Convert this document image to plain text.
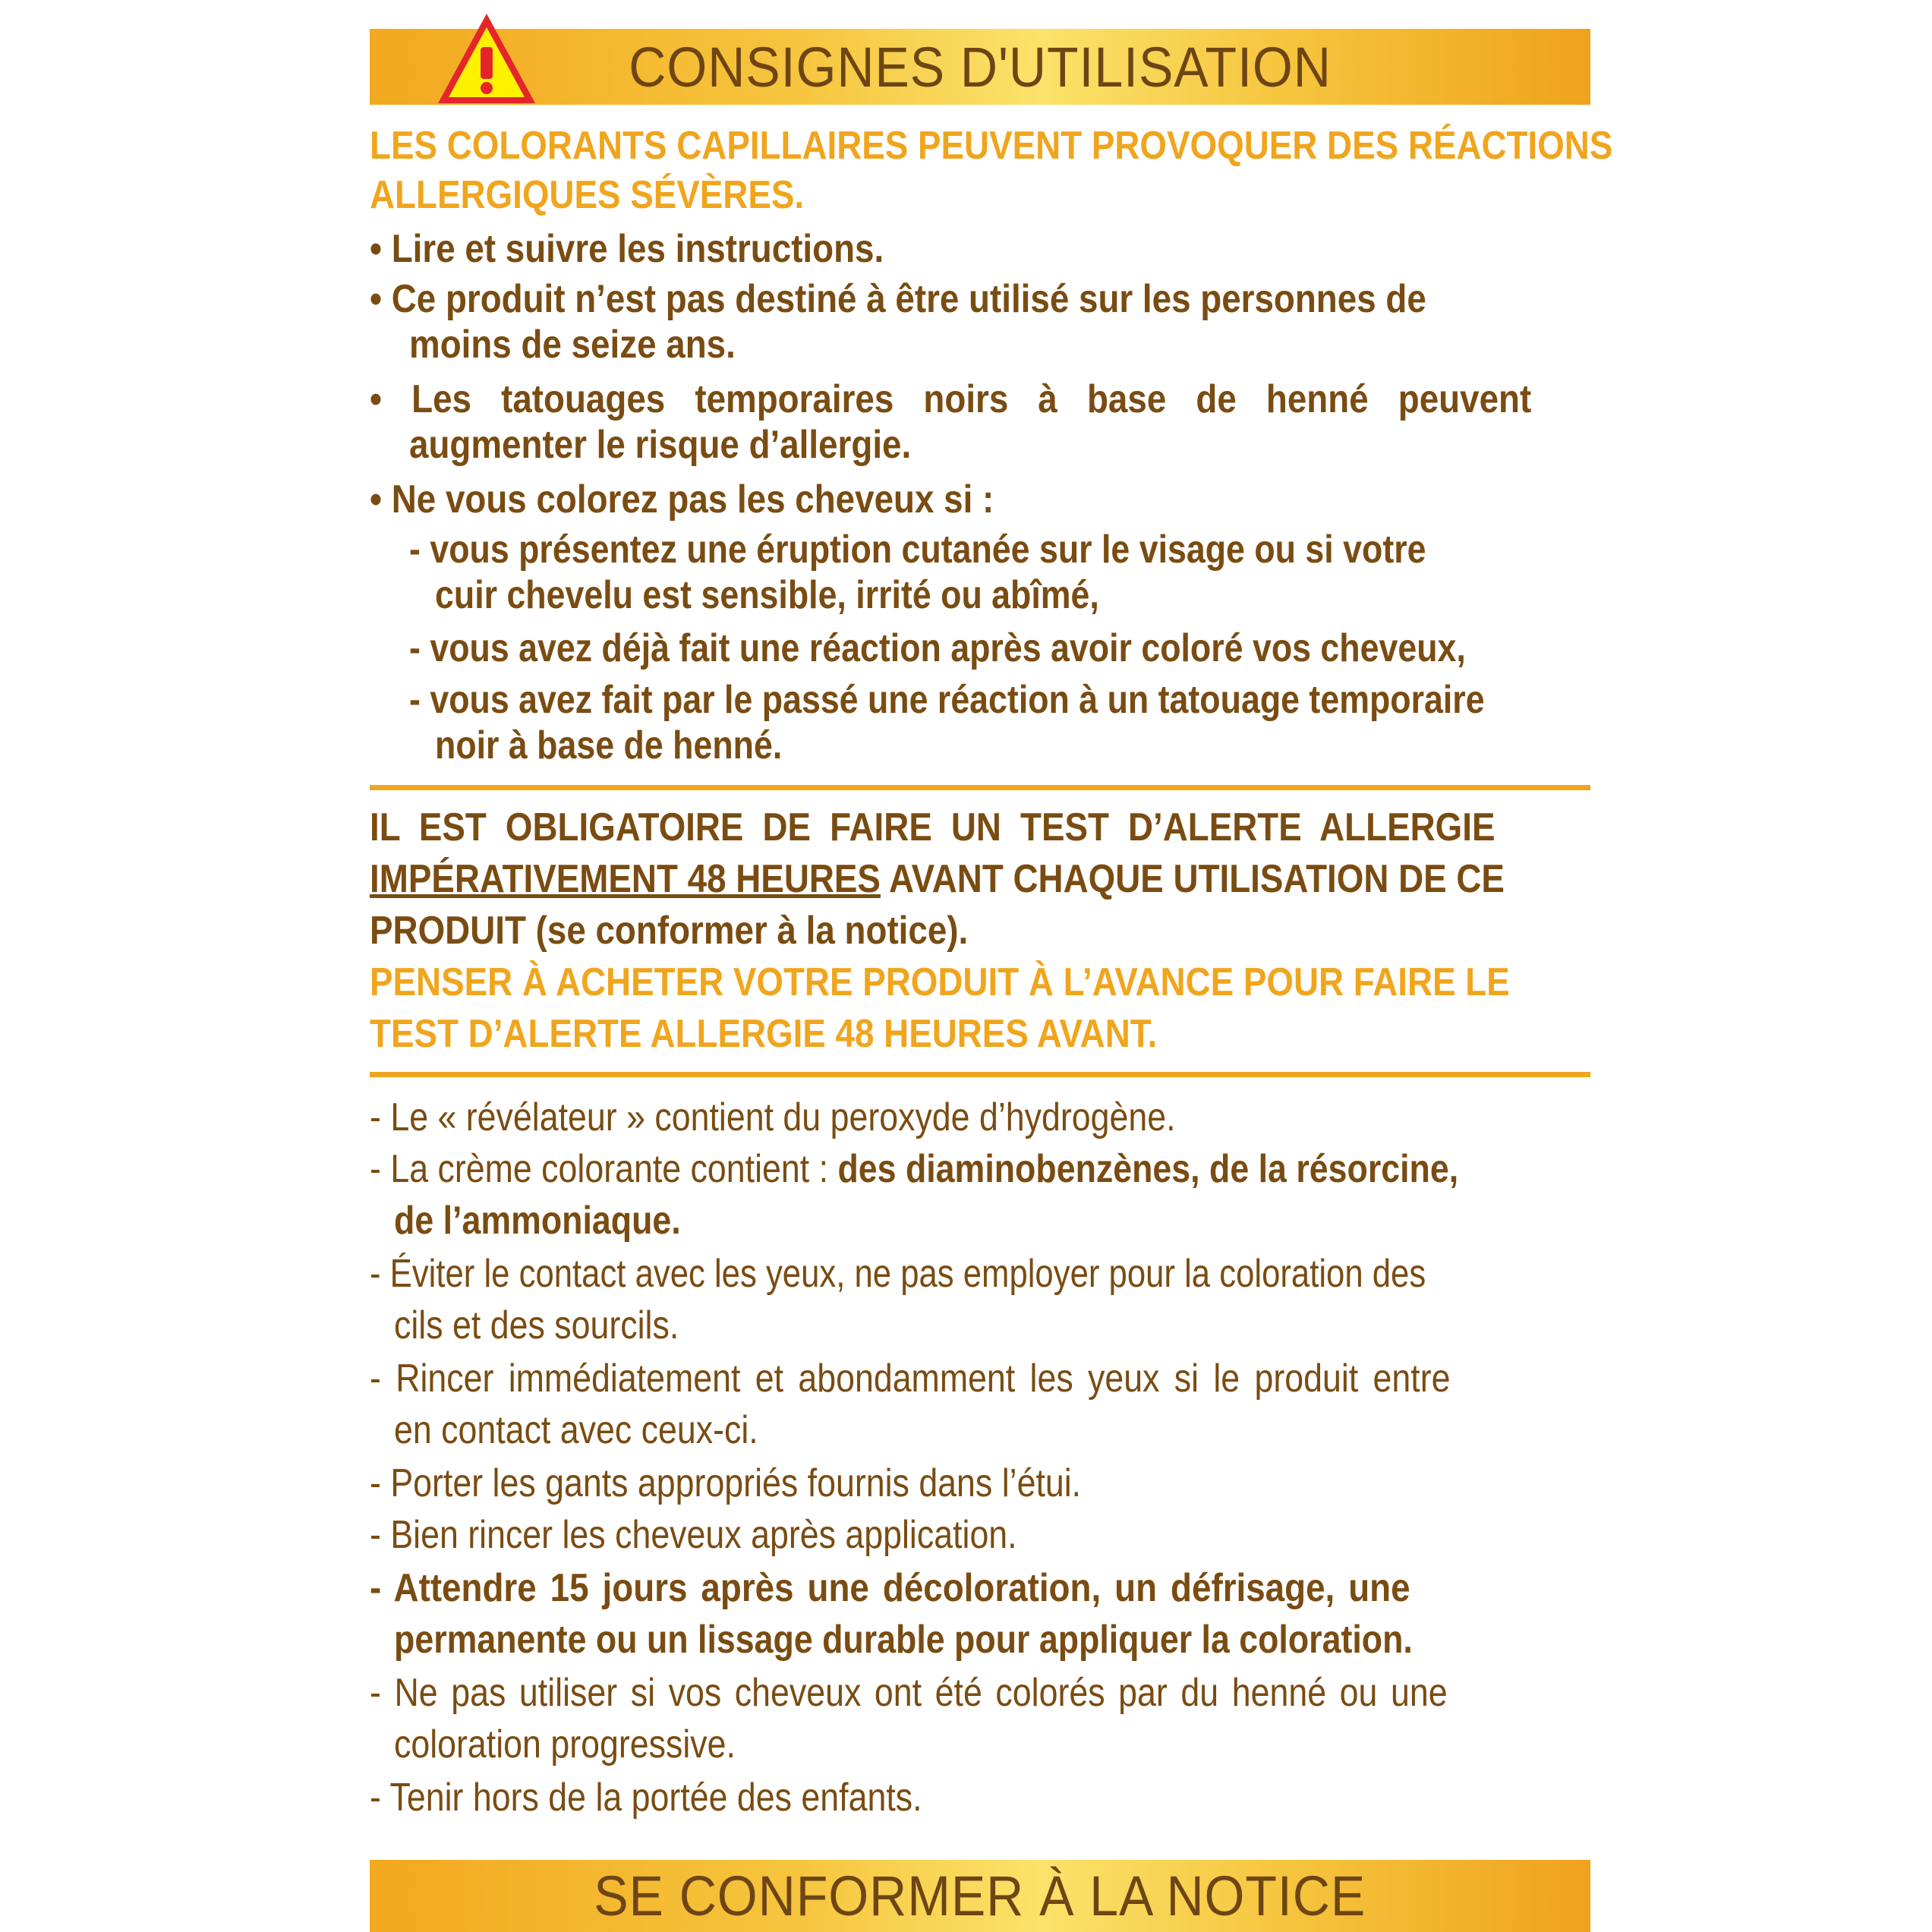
CONSIGNES D'UTILISATION
LES COLORANTS CAPILLAIRES PEUVENT PROVOQUER DES RÉACTIONS
ALLERGIQUES SÉVÈRES.
• Lire et suivre les instructions.
• Ce produit n’est pas destiné à être utilisé sur les personnes de
moins de seize ans.
• Les tatouages temporaires noirs à base de henné peuvent
augmenter le risque d’allergie.
• Ne vous colorez pas les cheveux si :
- vous présentez une éruption cutanée sur le visage ou si votre
cuir chevelu est sensible, irrité ou abîmé,
- vous avez déjà fait une réaction après avoir coloré vos cheveux,
- vous avez fait par le passé une réaction à un tatouage temporaire
noir à base de henné.
IL EST OBLIGATOIRE DE FAIRE UN TEST D’ALERTE ALLERGIE
IMPÉRATIVEMENT 48 HEURES AVANT CHAQUE UTILISATION DE CE
PRODUIT (se conformer à la notice).
PENSER À ACHETER VOTRE PRODUIT À L’AVANCE POUR FAIRE LE
TEST D’ALERTE ALLERGIE 48 HEURES AVANT.
- Le « révélateur » contient du peroxyde d’hydrogène.
- La crème colorante contient : des diaminobenzènes, de la résorcine,
de l’ammoniaque.
- Éviter le contact avec les yeux, ne pas employer pour la coloration des
cils et des sourcils.
- Rincer immédiatement et abondamment les yeux si le produit entre
en contact avec ceux-ci.
- Porter les gants appropriés fournis dans l’étui.
- Bien rincer les cheveux après application.
- Attendre 15 jours après une décoloration, un défrisage, une
permanente ou un lissage durable pour appliquer la coloration.
- Ne pas utiliser si vos cheveux ont été colorés par du henné ou une
coloration progressive.
- Tenir hors de la portée des enfants.
SE CONFORMER À LA NOTICE
